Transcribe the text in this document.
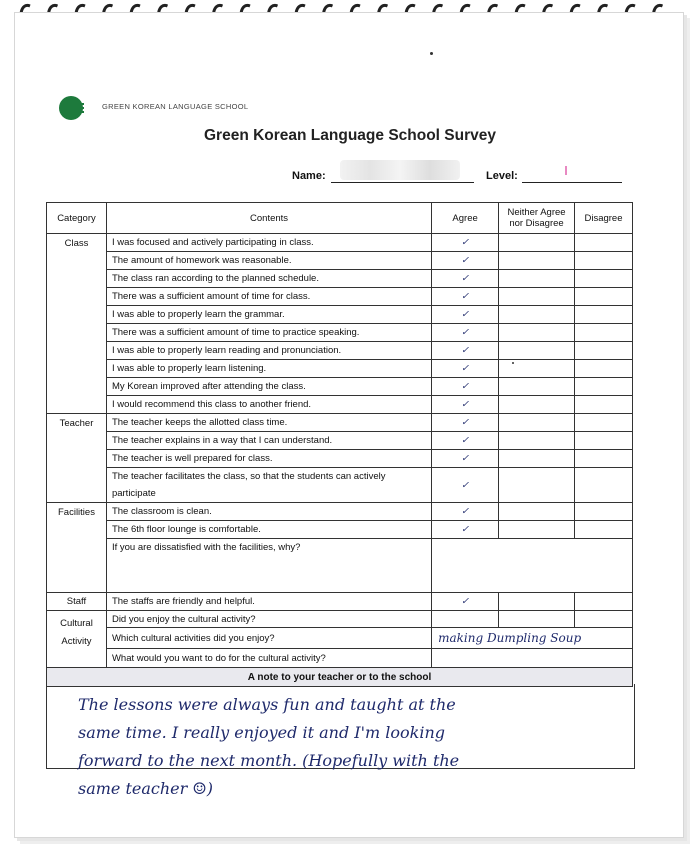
GREEN KOREAN LANGUAGE SCHOOL
Green Korean Language School Survey
Name:	Level:
Category	Contents	Agree	Neither Agree nor Disagree	Disagree
Class	I was focused and actively participating in class.	✓		
	The amount of homework was reasonable.	✓		
	The class ran according to the planned schedule.	✓		
	There was a sufficient amount of time for class.	✓		
	I was able to properly learn the grammar.	✓		
	There was a sufficient amount of time to practice speaking.	✓		
	I was able to properly learn reading and pronunciation.	✓		
	I was able to properly learn listening.	✓		
	My Korean improved after attending the class.	✓		
	I would recommend this class to another friend.	✓		
Teacher	The teacher keeps the allotted class time.	✓		
	The teacher explains in a way that I can understand.	✓		
	The teacher is well prepared for class.	✓		
	The teacher facilitates the class, so that the students can actively participate	✓		
Facilities	The classroom is clean.	✓		
	The 6th floor lounge is comfortable.	✓		
	If you are dissatisfied with the facilities, why?			
Staff	The staffs are friendly and helpful.	✓		
Cultural Activity	Did you enjoy the cultural activity?			
	Which cultural activities did you enjoy?	making Dumpling Soup		
	What would you want to do for the cultural activity?			
A note to your teacher or to the school				
The lessons were always fun and taught at the
same time. I really enjoyed it and I'm looking
forward to the next month. (Hopefully with the
same teacher ☺)
